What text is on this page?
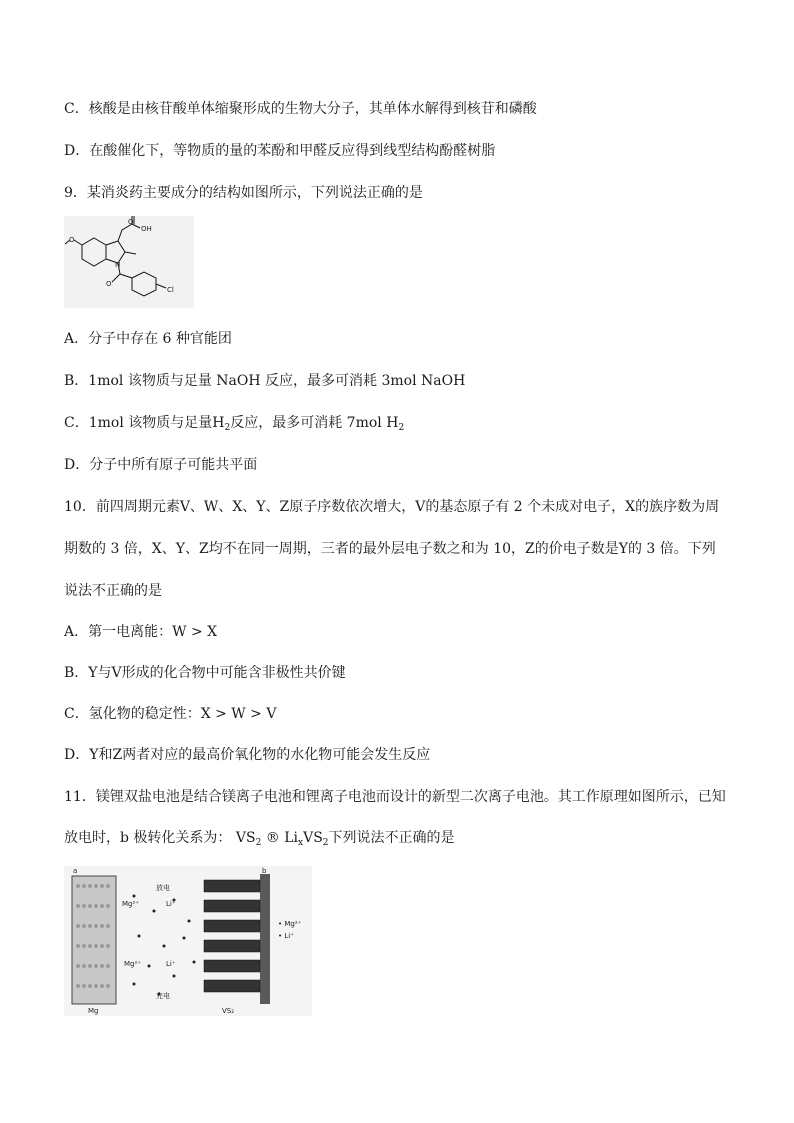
C．核酸是由核苷酸单体缩聚形成的生物大分子，其单体水解得到核苷和磷酸
D．在酸催化下，等物质的量的苯酚和甲醛反应得到线型结构酚醛树脂
9．某消炎药主要成分的结构如图所示，下列说法正确的是
O
OH
O
N
O
Cl
A．分子中存在 6 种官能团
B．1mol 该物质与足量 NaOH 反应，最多可消耗 3mol NaOH
C．1mol 该物质与足量$H_2$反应，最多可消耗 7mol $H_2$
D．分子中所有原子可能共平面
10．前四周期元素V、W、X、Y、Z原子序数依次增大，V的基态原子有 2 个未成对电子，X的族序数为周
期数的 3 倍，X、Y、Z均不在同一周期，三者的最外层电子数之和为 10，Z的价电子数是Y的 3 倍。下列
说法不正确的是
A．第一电离能：W > X
B．Y与V形成的化合物中可能含非极性共价键
C．氢化物的稳定性：X > W > V
D．Y和Z两者对应的最高价氧化物的水化物可能会发生反应
11．镁锂双盐电池是结合镁离子电池和锂离子电池而设计的新型二次离子电池。其工作原理如图所示，已知
放电时，b 极转化关系为： $VS_2$ ® $Li_xVS_2$下列说法不正确的是
a	b
放电
Mg²⁺	Li⁺
Mg²⁺	Li⁺
充电
Mg	VS₂
• Mg²⁺
• Li⁺
